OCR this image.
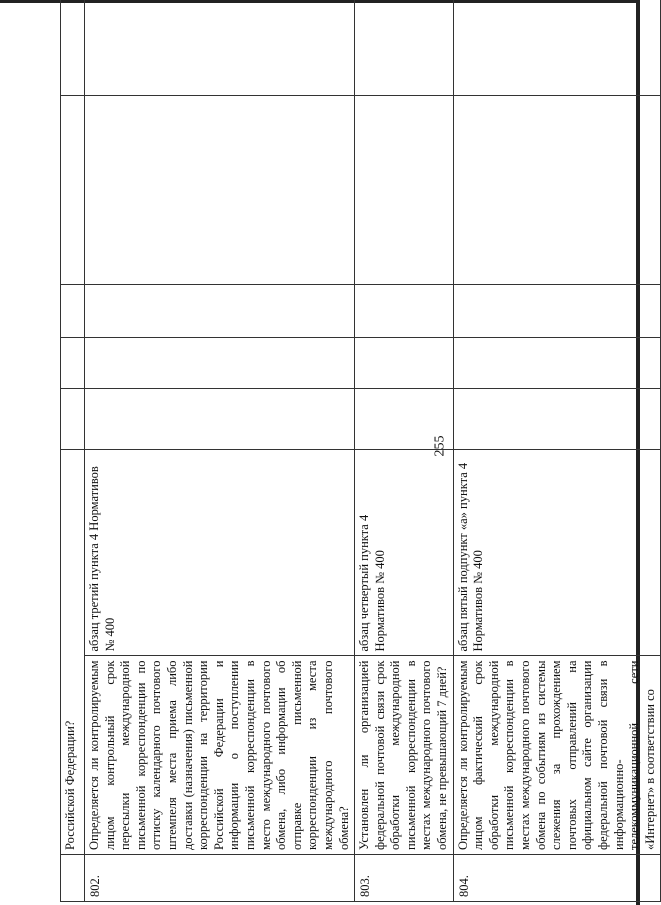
255
	Российской Федерации?						
802.	Определяется ли контролируемым лицом контрольный срок пересылки международной письменной корреспонденции по оттиску календарного почтового штемпеля места приема либо доставки (назначения) письменной корреспонденции на территории Российской Федерации и информации о поступлении письменной корреспонденции в место международного почтового обмена, либо информации об отправке письменной корреспонденции из места международного почтового обмена?	абзац третий пункта 4 Нормативов № 400					
803.	Установлен ли организацией федеральной почтовой связи срок обработки международной письменной корреспонденции в местах международного почтового обмена, не превышающий 7 дней?	абзац четвертый пункта 4 Нормативов № 400					
804.	Определяется ли контролируемым лицом фактический срок обработки международной письменной корреспонденции в местах международного почтового обмена по событиям из системы слежения за прохождением почтовых отправлений на официальном сайте организации федеральной почтовой связи в информационно-телекоммуникационной сети «Интернет» в соответствии со	абзац пятый подпункт «а» пункта 4 Нормативов № 400					
